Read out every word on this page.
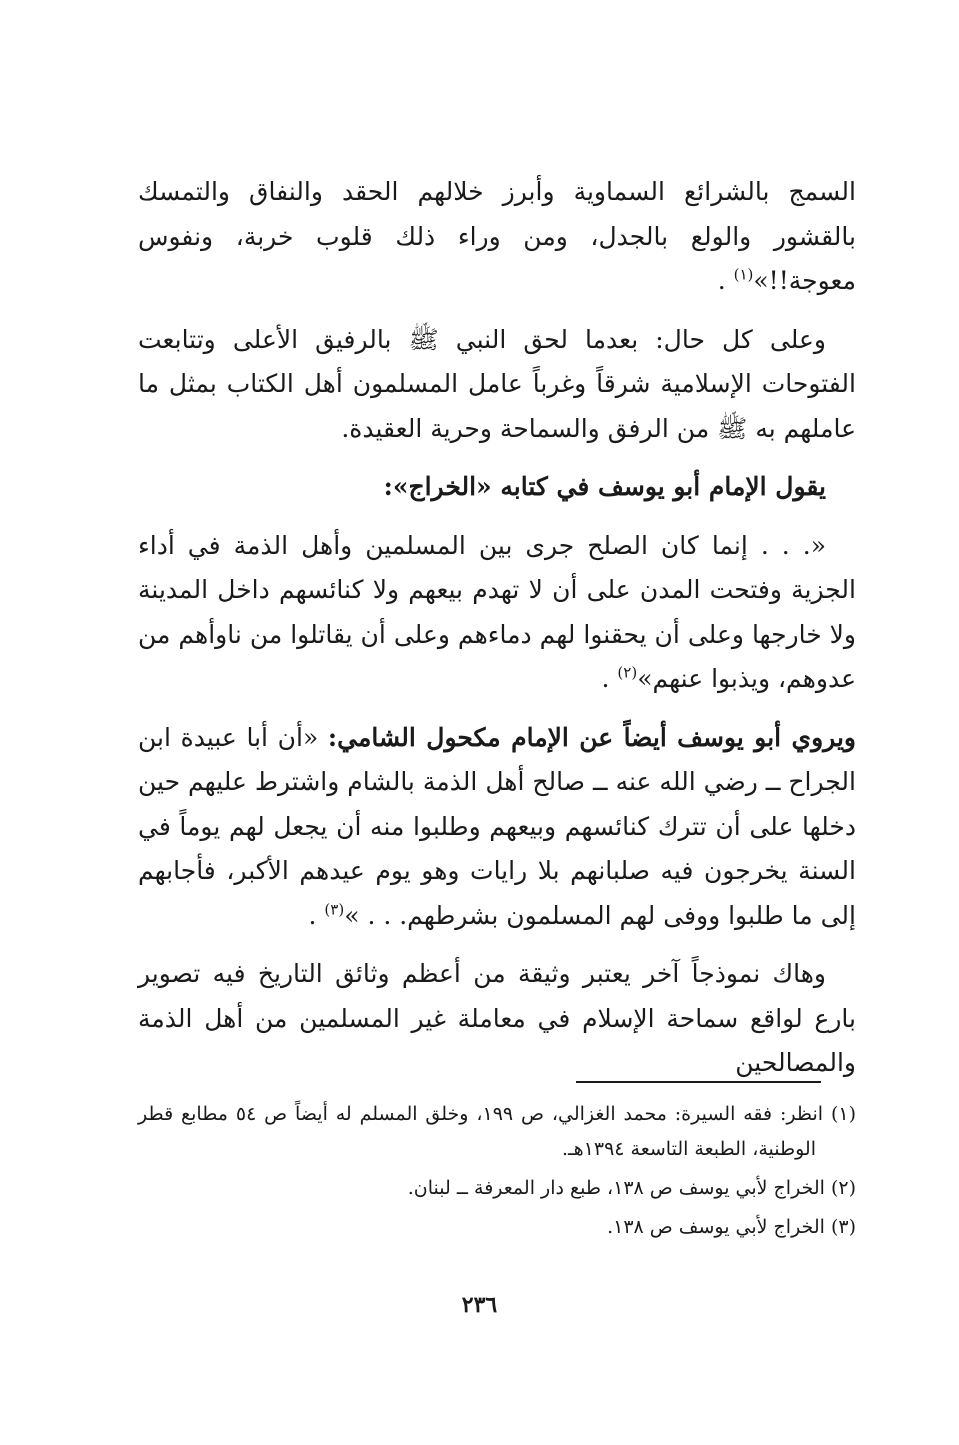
السمج بالشرائع السماوية وأبرز خلالهم الحقد والنفاق والتمسك بالقشور والولع بالجدل، ومن وراء ذلك قلوب خربة، ونفوس معوجة!!»$^{(١)}$ .

وعلى كل حال: بعدما لحق النبي ﷺ بالرفيق الأعلى وتتابعت الفتوحات الإسلامية شرقاً وغرباً عامل المسلمون أهل الكتاب بمثل ما عاملهم به ﷺ من الرفق والسماحة وحرية العقيدة.

يقول الإمام أبو يوسف في كتابه «الخراج»:

«. . . إنما كان الصلح جرى بين المسلمين وأهل الذمة في أداء الجزية وفتحت المدن على أن لا تهدم بيعهم ولا كنائسهم داخل المدينة ولا خارجها وعلى أن يحقنوا لهم دماءهم وعلى أن يقاتلوا من ناوأهم من عدوهم، ويذبوا عنهم»$^{(٢)}$ .

ويروي أبو يوسف أيضاً عن الإمام مكحول الشامي: «أن أبا عبيدة ابن الجراح ــ رضي الله عنه ــ صالح أهل الذمة بالشام واشترط عليهم حين دخلها على أن تترك كنائسهم وبيعهم وطلبوا منه أن يجعل لهم يوماً في السنة يخرجون فيه صلبانهم بلا رايات وهو يوم عيدهم الأكبر، فأجابهم إلى ما طلبوا ووفى لهم المسلمون بشرطهم. . . »$^{(٣)}$ .

وهاك نموذجاً آخر يعتبر وثيقة من أعظم وثائق التاريخ فيه تصوير بارع لواقع سماحة الإسلام في معاملة غير المسلمين من أهل الذمة والمصالحين

(١) انظر: فقه السيرة: محمد الغزالي، ص ١٩٩، وخلق المسلم له أيضاً ص ٥٤ مطابع قطر الوطنية، الطبعة التاسعة ١٣٩٤هـ.

(٢) الخراج لأبي يوسف ص ١٣٨، طبع دار المعرفة ــ لبنان.

(٣) الخراج لأبي يوسف ص ١٣٨.

٢٣٦
